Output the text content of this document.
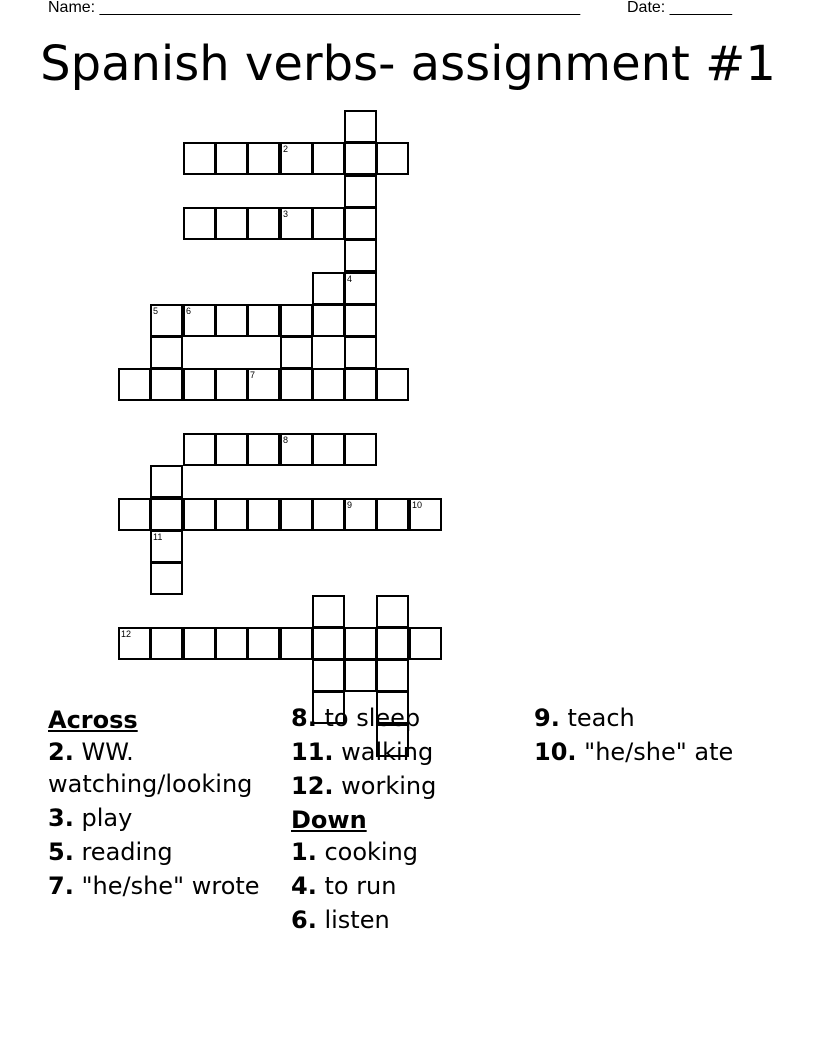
Name: ______________________________________________________	Date: _______
Spanish verbs- assignment #1
4
2
3
5	6
7
8
11
9	10
12
Across
2. WW. watching/looking
3. play
5. reading
7. "he/she" wrote
8. to sleep
11. walking
12. working
Down
1. cooking
4. to run
6. listen
9. teach
10. "he/she" ate
